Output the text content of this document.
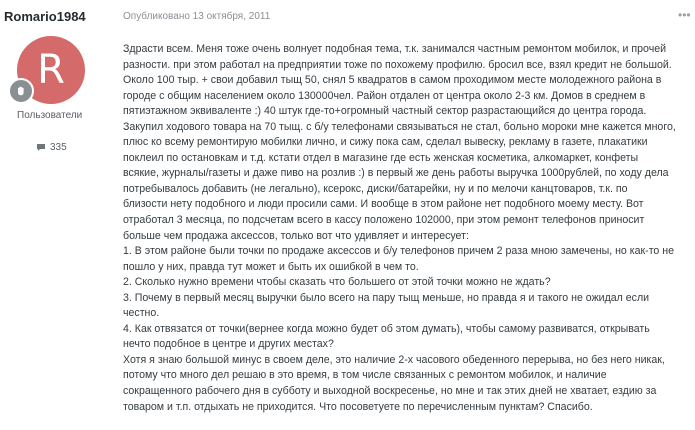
Romario1984
R
Пользователи
335
Опубликовано 13 октября, 2011	•••

Здрасти всем. Меня тоже очень волнует подобная тема, т.к. занимался частным ремонтом мобилок, и прочей

разности. при этом работал на предприятии тоже по похожему профилю. бросил все, взял кредит не большой.

Около 100 тыр. + свои добавил тыщ 50, снял 5 квадратов в самом проходимом месте молодежного района в

городе с общим населением около 130000чел. Район отдален от центра около 2-3 км. Домов в среднем в

пятиэтажном эквиваленте :) 40 штук где-то+огромный частный сектор разрастающийся до центра города.

Закупил ходового товара на 70 тыщ. с б/у телефонами связываться не стал, больно мороки мне кажется много,

плюс ко всему ремонтирую мобилки лично, и сижу пока сам, сделал вывеску, рекламу в газете, плакатики

поклеил по остановкам и т.д. кстати отдел в магазине где есть женская косметика, алкомаркет, конфеты

всякие, журналы/газеты и даже пиво на розлив :) в первый же день работы выручка 1000рублей, по ходу дела

потребывалось добавить (не легально), ксерокс, диски/батарейки, ну и по мелочи канцтоваров, т.к. по

близости нету подобного и люди просили сами. И вообще в этом районе нет подобного моему месту. Вот

отработал 3 месяца, по подсчетам всего в кассу положено 102000, при этом ремонт телефонов приносит

больше чем продажа аксессов, только вот что удивляет и интересует:

1. В этом районе были точки по продаже аксессов и б/у телефонов причем 2 раза мною замечены, но как-то не

пошло у них, правда тут может и быть их ошибкой в чем то.

2. Сколько нужно времени чтобы сказать что большего от этой точки можно не ждать?

3. Почему в первый месяц выручки было всего на пару тыщ меньше, но правда я и такого не ожидал если

честно.

4. Как отвязатся от точки(вернее когда можно будет об этом думать), чтобы самому развиватся, открывать

нечто подобное в центре и других местах?

Хотя я знаю большой минус в своем деле, это наличие 2-х часового обеденного перерыва, но без него никак,

потому что много дел решаю в это время, в том числе связанных с ремонтом мобилок, и наличие

сокращенного рабочего дня в субботу и выходной воскресенье, но мне и так этих дней не хватает, ездию за

товаром и т.п. отдыхать не приходится. Что посоветуете по перечисленным пунктам? Спасибо.
